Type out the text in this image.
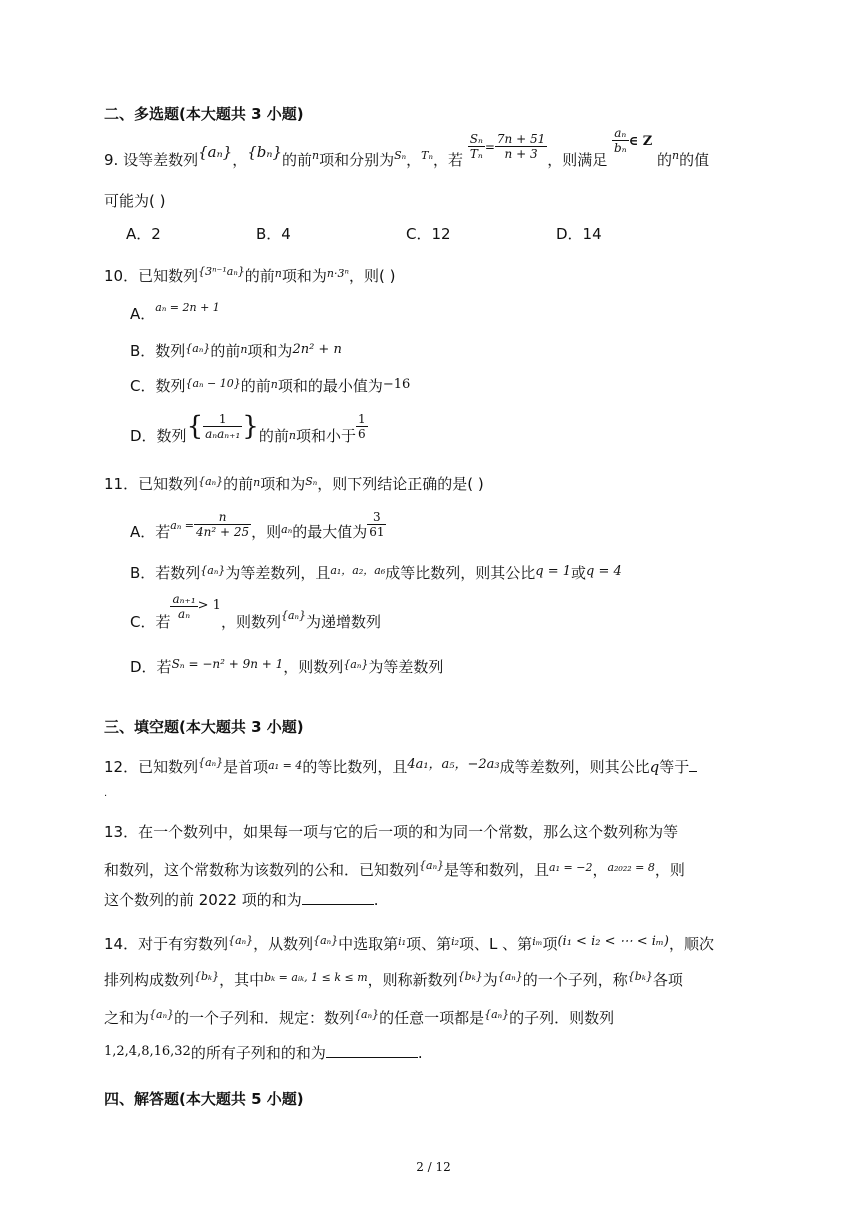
二、多选题(本大题共 3 小题)
9. 设等差数列{aₙ}，{bₙ}的前$^n$项和分别为$^{S_n}$，$^{T_n}$，若 $\frac{\text{Sₙ}}{\text{Tₙ}} ^= \frac{7n + 51}{n + 3}$ ，则满足
$\frac{\text{aₙ}}{\text{bₙ}}$ ∈ Z 的$^n$的值
可能为( )
A．2	B．4	C．12	D．14
10．已知数列$^{\{3^{n-1}a_n\}}$的前$^n$项和为$^{n\cdot 3^n}$，则( )
A．$^{a_n = 2n + 1}$
B．数列$^{\{a_n\}}$的前$^n$项和为2n² + n
C．数列$^{\{a_n - 10\}}$的前$^n$项和的最小值为−16
D．数列{ $\frac{1}{\text{aₙaₙ₊₁}}$ }的前$_n$项和小于 $\frac{1}{6}$
11．已知数列$^{\{a_n\}}$的前$^n$项和为$^{S_n}$，则下列结论正确的是( )
A．若$a_n = \frac{n}{\text{4n² + 25}}$ ，则$_{a_n}$的最大值为 $\frac{3}{61}$
B．若数列$^{\{a_n\}}$为等差数列，且$^{a_1,a_2,a_6}$成等比数列，则其公比q = 1或q = 4
C．若
$\frac{\text{aₙ₊₁}}{\text{aₙ}} > 1$，则数列$_{\{a_n\}}$为递增数列
D．若$^{S_n = -n^2 + 9n + 1}$，则数列$^{\{a_n\}}$为等差数列
三、填空题(本大题共 3 小题)
12．已知数列$^{\{a_n\}}$是首项$^{a_1 = 4}$的等比数列，且4a₁，a₅，−2a₃成等差数列，则其公比q等于
.
13．在一个数列中，如果每一项与它的后一项的和为同一个常数，那么这个数列称为等
和数列，这个常数称为该数列的公和．已知数列$^{\{a_n\}}$是等和数列，且$^{a_1 = -2}$，$^{a_{2022} = 8}$，则
这个数列的前 2022 项的和为	.
14．对于有穷数列$^{\{a_n\}}$，从数列$^{\{a_n\}}$中选取第$^{i_1}$项、第$^{i_2}$项、L 、第$^{i_m}$项(i₁ < i₂ < ⋯ < iₘ)，顺次
排列构成数列$^{\{b_k\}}$，其中$^{b_k = aᵢ_k, 1 \le k \le m}$，则称新数列$^{\{b_k\}}$为$^{\{a_n\}}$的一个子列，称$^{\{b_k\}}$各项
之和为$^{\{a_n\}}$的一个子列和．规定：数列$^{\{a_n\}}$的任意一项都是$^{\{a_n\}}$的子列．则数列
1,2,4,8,16,32的所有子列和的和为	.
四、解答题(本大题共 5 小题)
2 / 12
